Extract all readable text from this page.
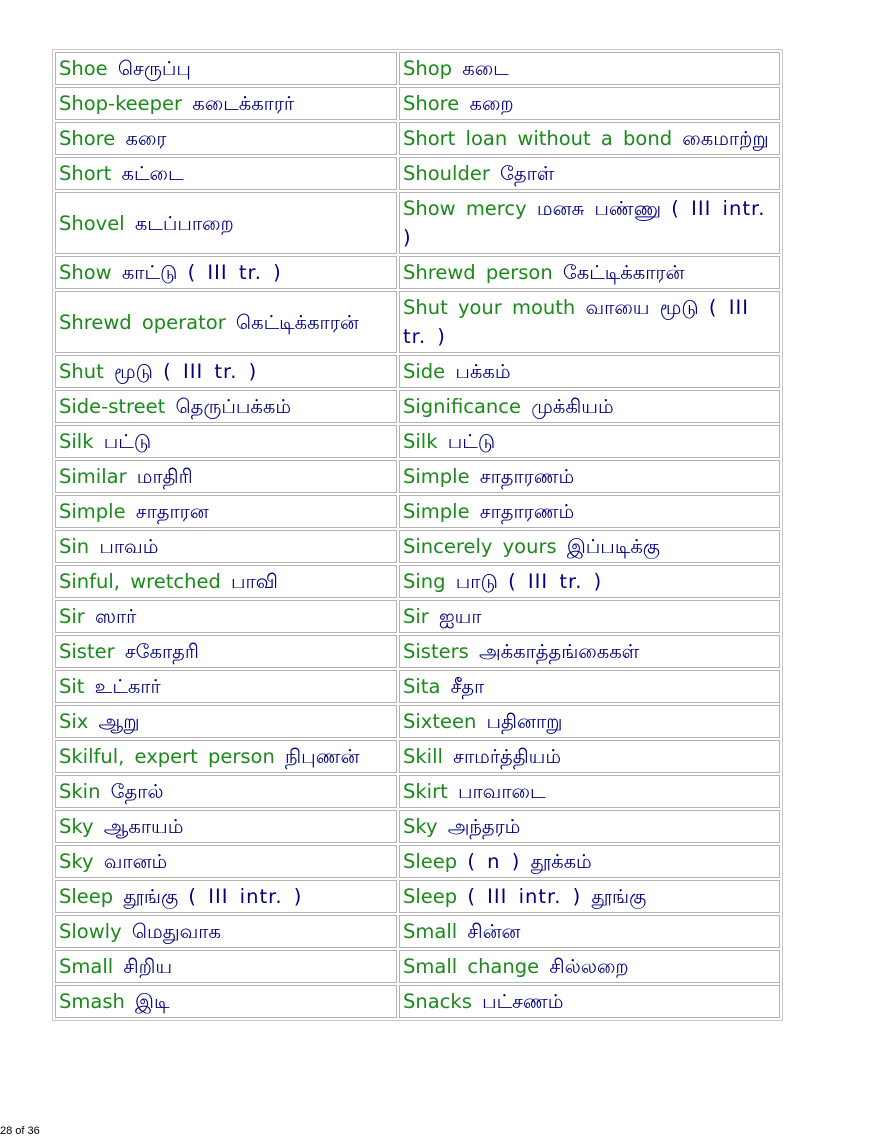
Shoe செருப்பு	Shop கடை
Shop-keeper கடைக்காரர்	Shore கறை
Shore கரை	Short loan without a bond கைமாற்று
Short கட்டை	Shoulder தோள்
Shovel கடப்பாறை	Show mercy மனசு பண்ணு ( III intr. )
Show காட்டு ( III tr. )	Shrewd person கேட்டிக்காரன்
Shrewd operator கெட்டிக்காரன்	Shut your mouth வாயை மூடு ( III tr. )
Shut மூடு ( III tr. )	Side பக்கம்
Side-street தெருப்பக்கம்	Significance முக்கியம்
Silk பட்டு	Silk பட்டு
Similar மாதிரி	Simple சாதாரணம்
Simple சாதாரன	Simple சாதாரணம்
Sin பாவம்	Sincerely yours இப்படிக்கு
Sinful, wretched பாவி	Sing பாடு ( III tr. )
Sir ஸார்	Sir ஐயா
Sister சகோதரி	Sisters அக்காத்தங்கைகள்
Sit உட்கார்	Sita சீதா
Six ஆறு	Sixteen பதினாறு
Skilful, expert person நிபுணன்	Skill சாமர்த்தியம்
Skin தோல்	Skirt பாவாடை
Sky ஆகாயம்	Sky அந்தரம்
Sky வானம்	Sleep ( n ) தூக்கம்
Sleep தூங்கு ( III intr. )	Sleep ( III intr. ) தூங்கு
Slowly மெதுவாக	Small சின்ன
Small சிறிய	Small change சில்லறை
Smash இடி	Snacks பட்சணம்
28 of 36
